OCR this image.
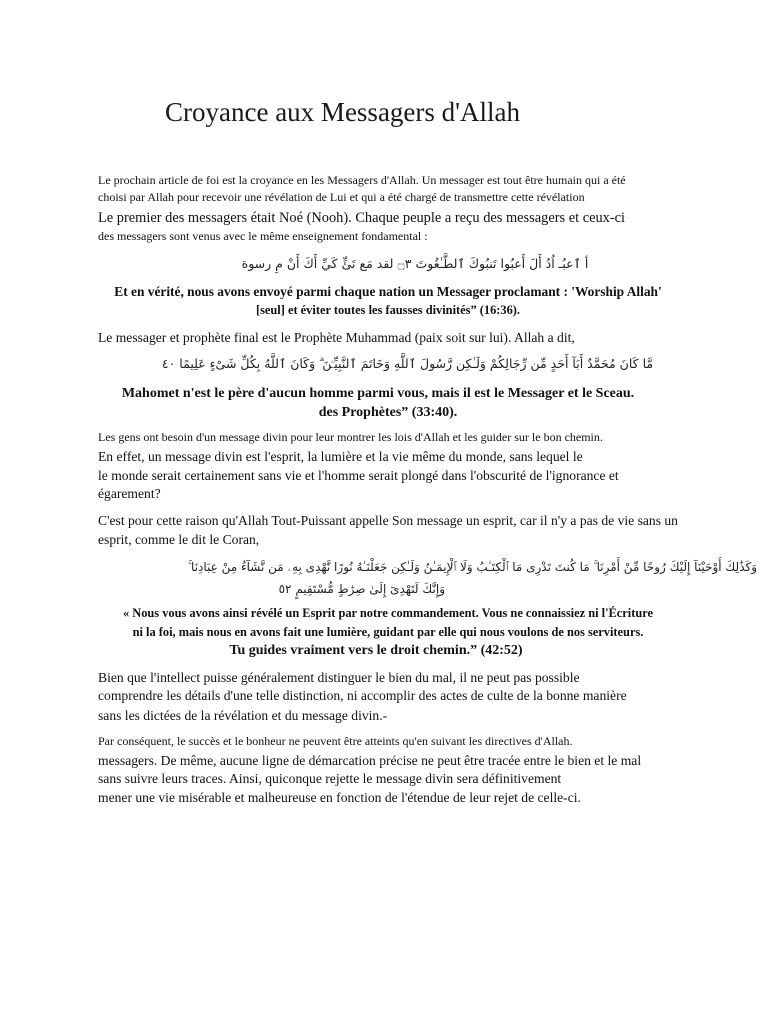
Croyance aux Messagers d'Allah
Le prochain article de foi est la croyance en les Messagers d'Allah. Un messager est tout être humain qui a été
choisi par Allah pour recevoir une révélation de Lui et qui a été chargé de transmettre cette révélation
Le premier des messagers était Noé (Nooh). Chaque peuple a reçu des messagers et ceux-ci
des messagers sont venus avec le même enseignement fondamental :
أ ٱعبُـ اُدُ أَلَ أَعبُوا تَنبُوكَ ٱلطَّـٰغُوتَ ۝٣ لقد مَع تَئِّ كَيِّ أَكَ أَنْ مِ رسوة
Et en vérité, nous avons envoyé parmi chaque nation un Messager proclamant : 'Worship Allah'
[seul] et éviter toutes les fausses divinités” (16:36).
Le messager et prophète final est le Prophète Muhammad (paix soit sur lui). Allah a dit,
مَّا كَانَ مُحَمَّدٌ أَبَآ أَحَدٍ مِّن رِّجَالِكُمْ وَلَـٰكِن رَّسُولَ ٱللَّهِ وَخَاتَمَ ٱلنَّبِيِّـۧنَ ۗ وَكَانَ ٱللَّهُ بِكُلِّ شَىْءٍ عَلِيمًا ٤٠
Mahomet n'est le père d'aucun homme parmi vous, mais il est le Messager et le Sceau.
des Prophètes” (33:40).
Les gens ont besoin d'un message divin pour leur montrer les lois d'Allah et les guider sur le bon chemin.
En effet, un message divin est l'esprit, la lumière et la vie même du monde, sans lequel le
le monde serait certainement sans vie et l'homme serait plongé dans l'obscurité de l'ignorance et
égarement?
C'est pour cette raison qu'Allah Tout-Puissant appelle Son message un esprit, car il n'y a pas de vie sans un
esprit, comme le dit le Coran,
وَكَذَٰلِكَ أَوْحَيْنَآ إِلَيْكَ رُوحًا مِّنْ أَمْرِنَا ۚ مَا كُنتَ تَدْرِى مَا ٱلْكِتَـٰبُ وَلَا ٱلْإِيمَـٰنُ وَلَـٰكِن جَعَلْنَـٰهُ نُورًا نَّهْدِى بِهِۦ مَن نَّشَآءُ مِنْ عِبَادِنَا ۚ
وَإِنَّكَ لَتَهْدِىٓ إِلَىٰ صِرَٰطٍ مُّسْتَقِيمٍ ٥٢
« Nous vous avons ainsi révélé un Esprit par notre commandement. Vous ne connaissiez ni l'Écriture
ni la foi, mais nous en avons fait une lumière, guidant par elle qui nous voulons de nos serviteurs.
Tu guides vraiment vers le droit chemin.” (42:52)
Bien que l'intellect puisse généralement distinguer le bien du mal, il ne peut pas possible
comprendre les détails d'une telle distinction, ni accomplir des actes de culte de la bonne manière
sans les dictées de la révélation et du message divin.-
Par conséquent, le succès et le bonheur ne peuvent être atteints qu'en suivant les directives d'Allah.
messagers. De même, aucune ligne de démarcation précise ne peut être tracée entre le bien et le mal
sans suivre leurs traces. Ainsi, quiconque rejette le message divin sera définitivement
mener une vie misérable et malheureuse en fonction de l'étendue de leur rejet de celle-ci.
